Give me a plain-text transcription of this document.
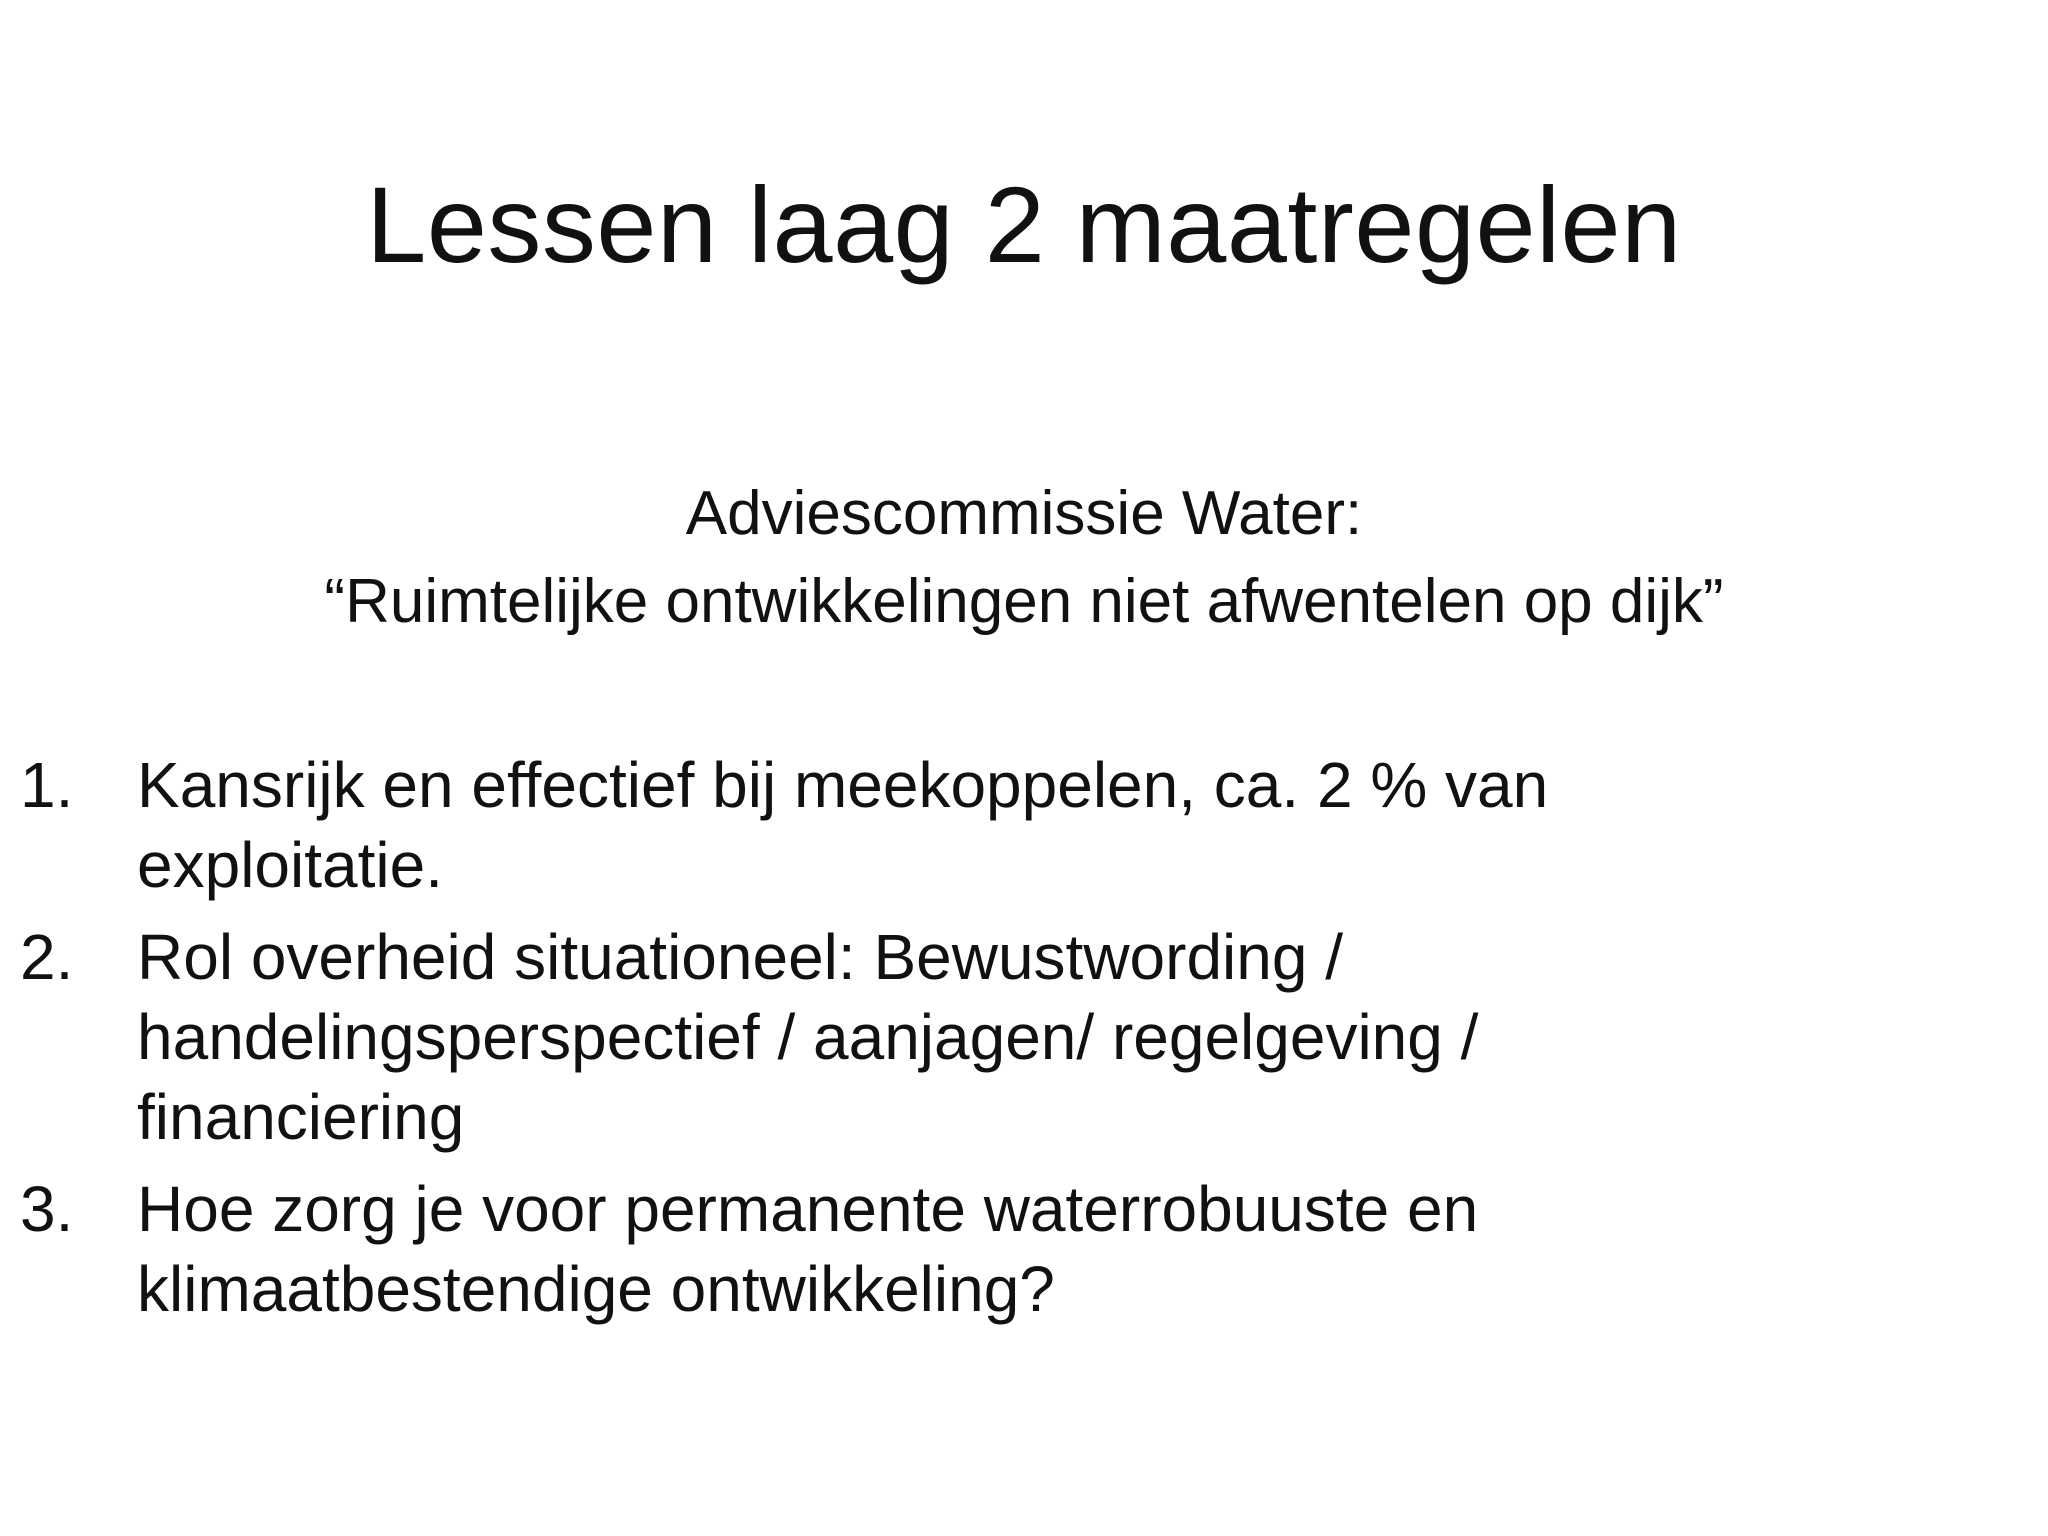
Lessen laag 2 maatregelen
Adviescommissie Water:
“Ruimtelijke ontwikkelingen niet afwentelen op dijk”
1. Kansrijk en effectief bij meekoppelen, ca. 2 % van exploitatie.
2. Rol overheid situationeel: Bewustwording / handelingsperspectief / aanjagen/ regelgeving / financiering
3. Hoe zorg je voor permanente waterrobuuste en klimaatbestendige ontwikkeling?
